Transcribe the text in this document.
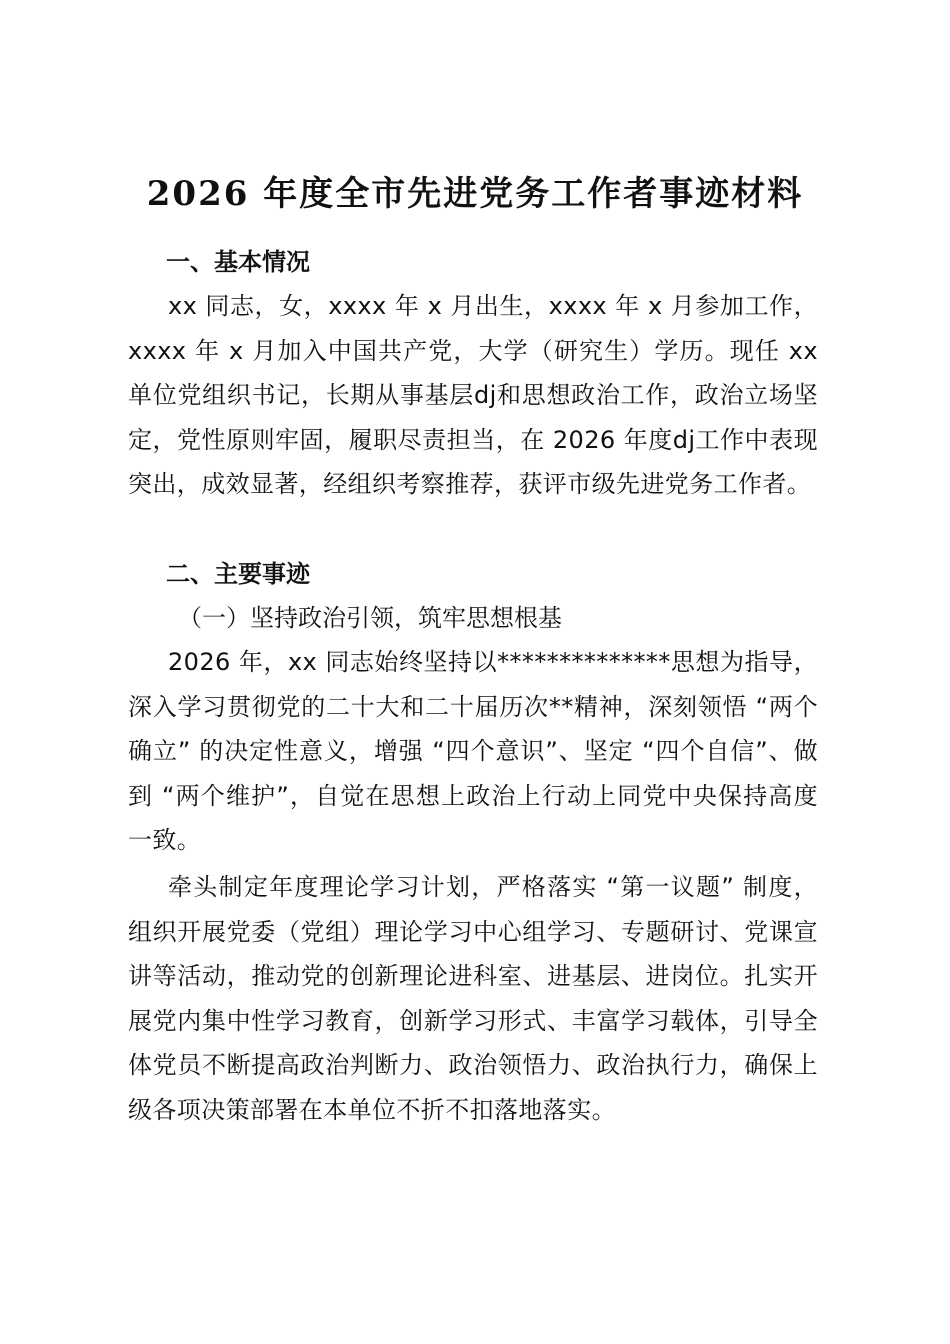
2026 年度全市先进党务工作者事迹材料
一、基本情况
xx 同志，女，xxxx 年 x 月出生，xxxx 年 x 月参加工作，xxxx 年 x 月加入中国共产党，大学（研究生）学历。现任 xx 单位党组织书记，长期从事基层dj和思想政治工作，政治立场坚定，党性原则牢固，履职尽责担当，在 2026 年度dj工作中表现突出，成效显著，经组织考察推荐，获评市级先进党务工作者。
二、主要事迹
（一）坚持政治引领，筑牢思想根基
2026 年，xx 同志始终坚持以**************思想为指导，深入学习贯彻党的二十大和二十届历次**精神，深刻领悟 “两个确立” 的决定性意义，增强 “四个意识”、坚定 “四个自信”、做到 “两个维护”，自觉在思想上政治上行动上同党中央保持高度一致。
牵头制定年度理论学习计划，严格落实 “第一议题” 制度，组织开展党委（党组）理论学习中心组学习、专题研讨、党课宣讲等活动，推动党的创新理论进科室、进基层、进岗位。扎实开展党内集中性学习教育，创新学习形式、丰富学习载体，引导全体党员不断提高政治判断力、政治领悟力、政治执行力，确保上级各项决策部署在本单位不折不扣落地落实。
